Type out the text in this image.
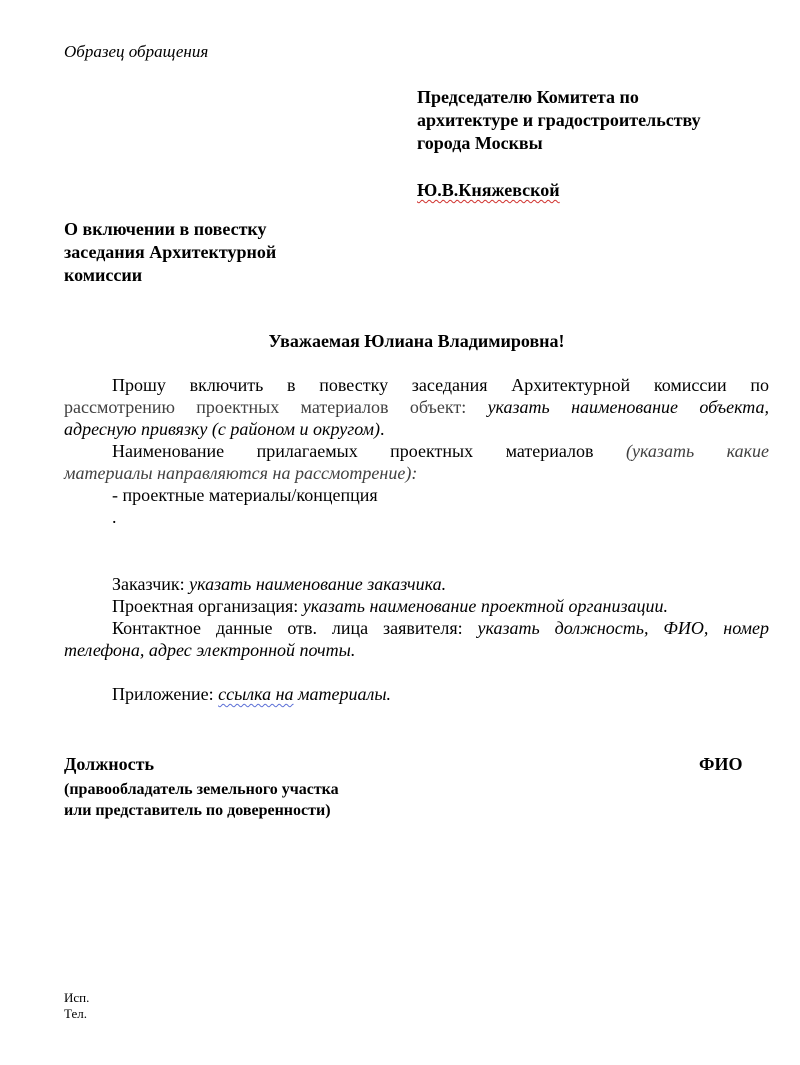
Образец обращения
Председателю Комитета по
архитектуре и градостроительству
города Москвы
Ю.В.Княжевской
О включении в повестку
заседания Архитектурной
комиссии
Уважаемая Юлиана Владимировна!

Прошу включить в повестку заседания Архитектурной комиссии по

рассмотрению проектных материалов объект: указать наименование объекта,

адресную привязку (с районом и округом).

Наименование прилагаемых проектных материалов (указать какие

материалы направляются на рассмотрение):

- проектные материалы/концепция

.

Заказчик: указать наименование заказчика.

Проектная организация: указать наименование проектной организации.

Контактное данные отв. лица заявителя: указать должность, ФИО, номер

телефона, адрес электронной почты.

Приложение: ссылка на материалы.

Должность
(правообладатель земельного участка
или представитель по доверенности)
ФИО
Исп.
Тел.
